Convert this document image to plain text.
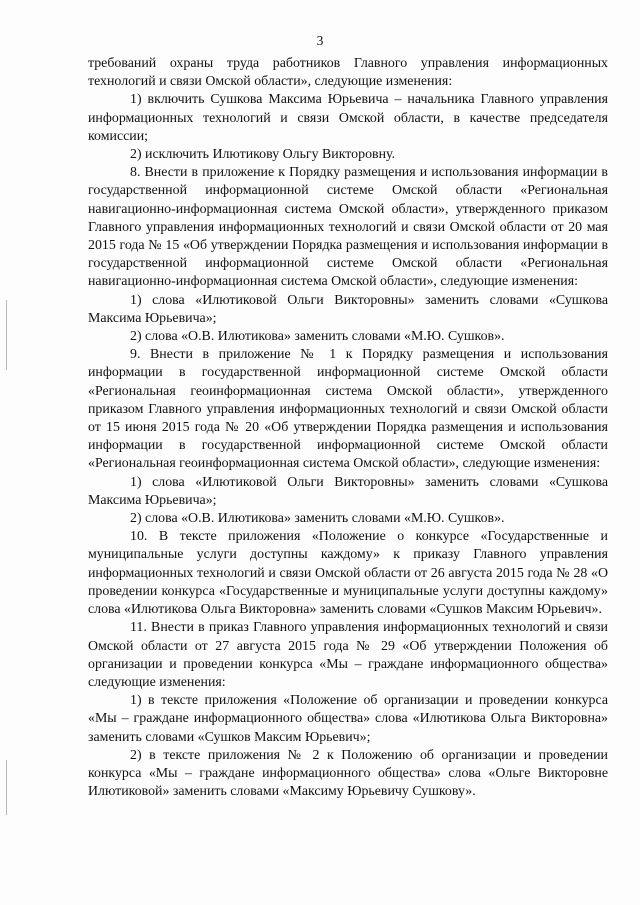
3

требований охраны труда работников Главного управления информационных технологий и связи Омской области», следующие изменения:

1) включить Сушкова Максима Юрьевича – начальника Главного управления информационных технологий и связи Омской области, в качестве председателя комиссии;

2) исключить Илютикову Ольгу Викторовну.

8. Внести в приложение к Порядку размещения и использования информации в государственной информационной системе Омской области «Региональная навигационно-информационная система Омской области», утвержденного приказом Главного управления информационных технологий и связи Омской области от 20 мая 2015 года № 15 «Об утверждении Порядка размещения и использования информации в государственной информационной системе Омской области «Региональная навигационно-информационная система Омской области», следующие изменения:

1) слова «Илютиковой Ольги Викторовны» заменить словами «Сушкова Максима Юрьевича»;

2) слова «О.В. Илютикова» заменить словами «М.Ю. Сушков».

9. Внести в приложение № 1 к Порядку размещения и использования информации в государственной информационной системе Омской области «Региональная геоинформационная система Омской области», утвержденного приказом Главного управления информационных технологий и связи Омской области от 15 июня 2015 года № 20 «Об утверждении Порядка размещения и использования информации в государственной информационной системе Омской области «Региональная геоинформационная система Омской области», следующие изменения:

1) слова «Илютиковой Ольги Викторовны» заменить словами «Сушкова Максима Юрьевича»;

2) слова «О.В. Илютикова» заменить словами «М.Ю. Сушков».

10. В тексте приложения «Положение о конкурсе «Государственные и муниципальные услуги доступны каждому» к приказу Главного управления информационных технологий и связи Омской области от 26 августа 2015 года № 28 «О проведении конкурса «Государственные и муниципальные услуги доступны каждому» слова «Илютикова Ольга Викторовна» заменить словами «Сушков Максим Юрьевич».

11. Внести в приказ Главного управления информационных технологий и связи Омской области от 27 августа 2015 года № 29 «Об утверждении Положения об организации и проведении конкурса «Мы – граждане информационного общества» следующие изменения:

1) в тексте приложения «Положение об организации и проведении конкурса «Мы – граждане информационного общества» слова «Илютикова Ольга Викторовна» заменить словами «Сушков Максим Юрьевич»;

2) в тексте приложения № 2 к Положению об организации и проведении конкурса «Мы – граждане информационного общества» слова «Ольге Викторовне Илютиковой» заменить словами «Максиму Юрьевичу Сушкову».
